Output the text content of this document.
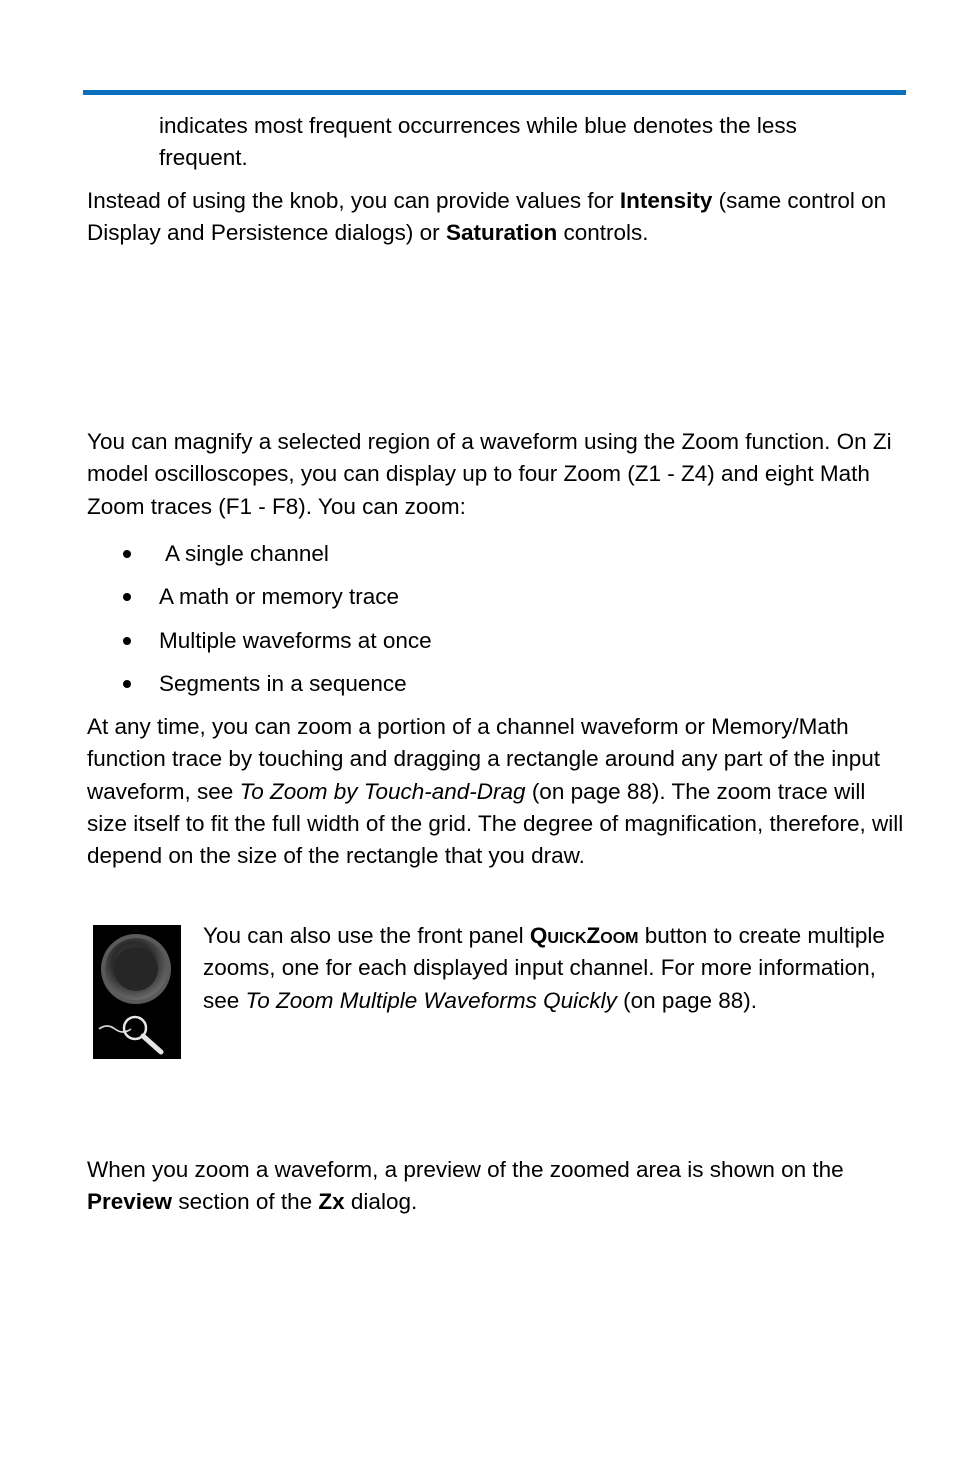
indicates most frequent occurrences while blue denotes the less
frequent.

Instead of using the knob, you can provide values for Intensity (same control on Display and Persistence dialogs) or Saturation controls.

You can magnify a selected region of a waveform using the Zoom function. On Zi model oscilloscopes, you can display up to four Zoom (Z1 - Z4) and eight Math Zoom traces (F1 - F8). You can zoom:

A single channel
A math or memory trace
Multiple waveforms at once
Segments in a sequence

At any time, you can zoom a portion of a channel waveform or Memory/Math function trace by touching and dragging a rectangle around any part of the input waveform, see To Zoom by Touch-and-Drag (on page 88). The zoom trace will size itself to fit the full width of the grid. The degree of magnification, therefore, will depend on the size of the rectangle that you draw.

You can also use the front panel QuickZoom button to create multiple zooms, one for each displayed input channel. For more information, see To Zoom Multiple Waveforms Quickly (on page 88).

When you zoom a waveform, a preview of the zoomed area is shown on the Preview section of the Zx dialog.
